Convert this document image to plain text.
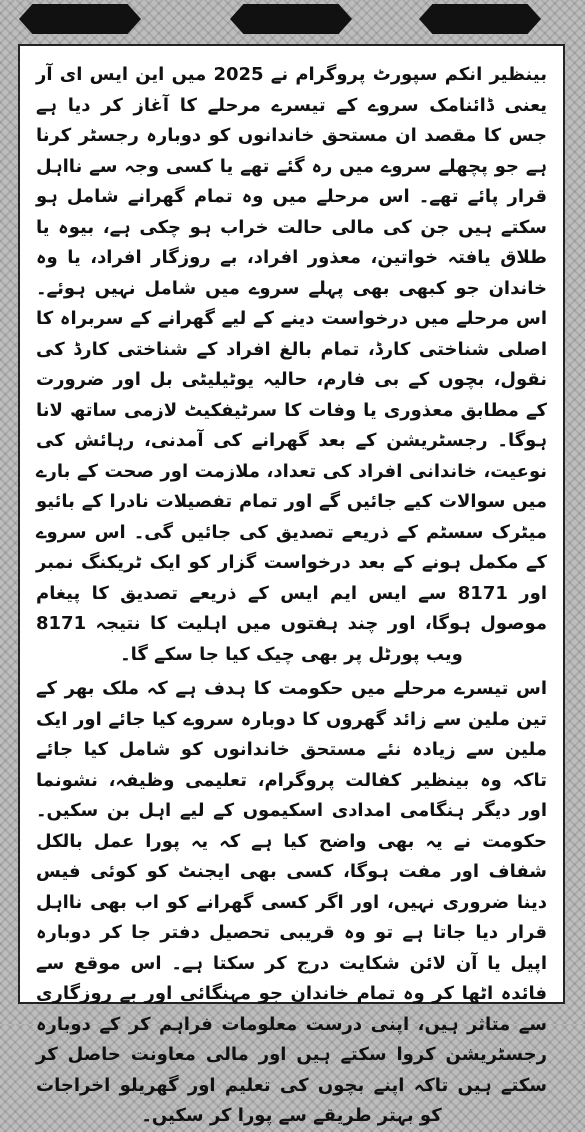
بینظیر انکم سپورٹ پروگرام نے 2025 میں این ایس ای آر یعنی ڈائنامک سروے کے تیسرے مرحلے کا آغاز کر دیا ہے جس کا مقصد ان مستحق خاندانوں کو دوبارہ رجسٹر کرنا ہے جو پچھلے سروے میں رہ گئے تھے یا کسی وجہ سے نااہل قرار پائے تھے۔ اس مرحلے میں وہ تمام گھرانے شامل ہو سکتے ہیں جن کی مالی حالت خراب ہو چکی ہے، بیوہ یا طلاق یافتہ خواتین، معذور افراد، بے روزگار افراد، یا وہ خاندان جو کبھی بھی پہلے سروے میں شامل نہیں ہوئے۔ اس مرحلے میں درخواست دینے کے لیے گھرانے کے سربراہ کا اصلی شناختی کارڈ، تمام بالغ افراد کے شناختی کارڈ کی نقول، بچوں کے بی فارم، حالیہ یوٹیلیٹی بل اور ضرورت کے مطابق معذوری یا وفات کا سرٹیفکیٹ لازمی ساتھ لانا ہوگا۔ رجسٹریشن کے بعد گھرانے کی آمدنی، رہائش کی نوعیت، خاندانی افراد کی تعداد، ملازمت اور صحت کے بارے میں سوالات کیے جائیں گے اور تمام تفصیلات نادرا کے بائیو میٹرک سسٹم کے ذریعے تصدیق کی جائیں گی۔ اس سروے کے مکمل ہونے کے بعد درخواست گزار کو ایک ٹریکنگ نمبر اور 8171 سے ایس ایم ایس کے ذریعے تصدیق کا پیغام موصول ہوگا، اور چند ہفتوں میں اہلیت کا نتیجہ 8171 ویب پورٹل پر بھی چیک کیا جا سکے گا۔

اس تیسرے مرحلے میں حکومت کا ہدف ہے کہ ملک بھر کے تین ملین سے زائد گھروں کا دوبارہ سروے کیا جائے اور ایک ملین سے زیادہ نئے مستحق خاندانوں کو شامل کیا جائے تاکہ وہ بینظیر کفالت پروگرام، تعلیمی وظیفہ، نشونما اور دیگر ہنگامی امدادی اسکیموں کے لیے اہل بن سکیں۔ حکومت نے یہ بھی واضح کیا ہے کہ یہ پورا عمل بالکل شفاف اور مفت ہوگا، کسی بھی ایجنٹ کو کوئی فیس دینا ضروری نہیں، اور اگر کسی گھرانے کو اب بھی نااہل قرار دیا جاتا ہے تو وہ قریبی تحصیل دفتر جا کر دوبارہ اپیل یا آن لائن شکایت درج کر سکتا ہے۔ اس موقع سے فائدہ اٹھا کر وہ تمام خاندان جو مہنگائی اور بے روزگاری سے متاثر ہیں، اپنی درست معلومات فراہم کر کے دوبارہ رجسٹریشن کروا سکتے ہیں اور مالی معاونت حاصل کر سکتے ہیں تاکہ اپنے بچوں کی تعلیم اور گھریلو اخراجات کو بہتر طریقے سے پورا کر سکیں۔
